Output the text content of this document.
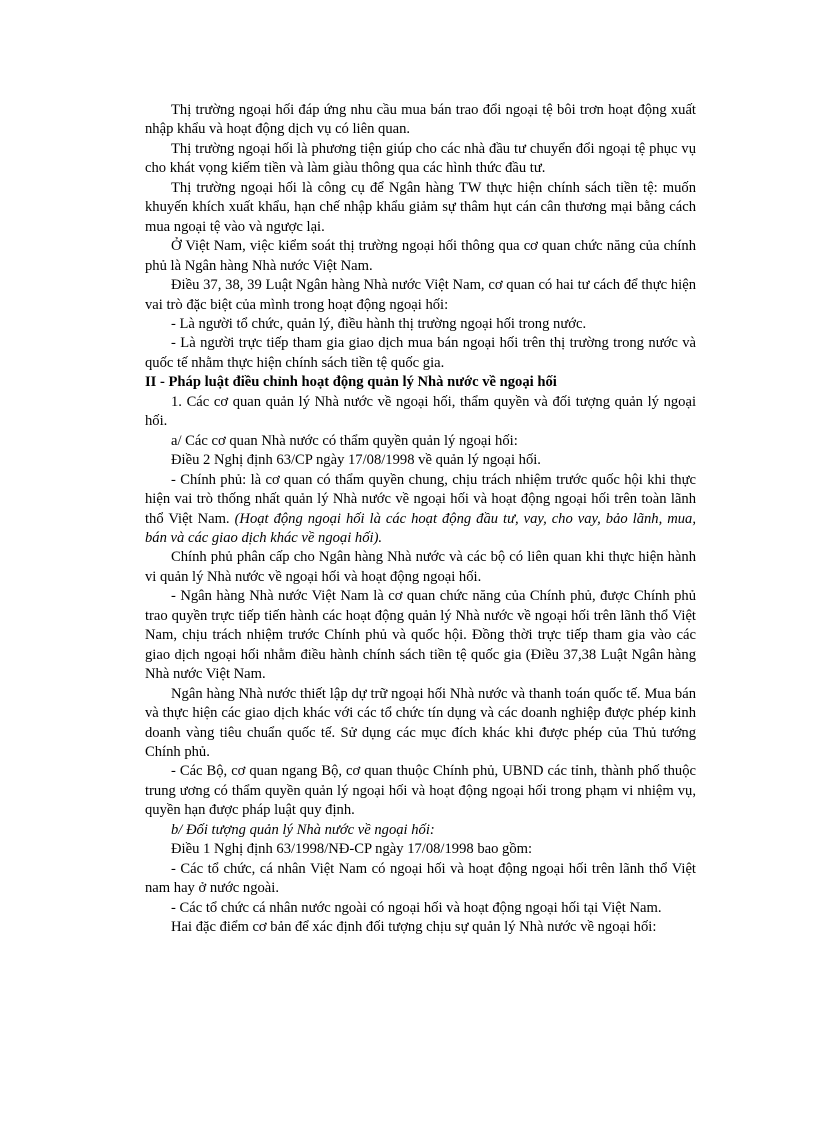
Thị trường ngoại hối đáp ứng nhu cầu mua bán trao đổi ngoại tệ bôi trơn hoạt động xuất nhập khẩu và hoạt động dịch vụ có liên quan.

Thị trường ngoại hối là phương tiện giúp cho các nhà đầu tư chuyển đổi ngoại tệ phục vụ cho khát vọng kiếm tiền và làm giàu thông qua các hình thức đầu tư.

Thị trường ngoại hối là công cụ để Ngân hàng TW thực hiện chính sách tiền tệ: muốn khuyến khích xuất khẩu, hạn chế nhập khẩu giảm sự thâm hụt cán cân thương mại bằng cách mua ngoại tệ vào và ngược lại.

Ở Việt Nam, việc kiểm soát thị trường ngoại hối thông qua cơ quan chức năng của chính phủ là Ngân hàng Nhà nước Việt Nam.

Điều 37, 38, 39 Luật Ngân hàng Nhà nước Việt Nam, cơ quan có hai tư cách để thực hiện vai trò đặc biệt của mình trong hoạt động ngoại hối:

- Là người tổ chức, quản lý, điều hành thị trường ngoại hối trong nước.

- Là người trực tiếp tham gia giao dịch mua bán ngoại hối trên thị trường trong nước và quốc tế nhằm thực hiện chính sách tiền tệ quốc gia.

II - Pháp luật điều chỉnh hoạt động quản lý Nhà nước về ngoại hối

1. Các cơ quan quản lý Nhà nước về ngoại hối, thẩm quyền và đối tượng quản lý ngoại hối.

a/ Các cơ quan Nhà nước có thẩm quyền quản lý ngoại hối:

Điều 2 Nghị định 63/CP ngày 17/08/1998 về quản lý ngoại hối.

- Chính phủ: là cơ quan có thẩm quyền chung, chịu trách nhiệm trước quốc hội khi thực hiện vai trò thống nhất quản lý Nhà nước về ngoại hối và hoạt động ngoại hối trên toàn lãnh thổ Việt Nam. (Hoạt động ngoại hối là các hoạt động đầu tư, vay, cho vay, bảo lãnh, mua, bán và các giao dịch khác về ngoại hối).

Chính phủ phân cấp cho Ngân hàng Nhà nước và các bộ có liên quan khi thực hiện hành vi quản lý Nhà nước về ngoại hối và hoạt động ngoại hối.

- Ngân hàng Nhà nước Việt Nam là cơ quan chức năng của Chính phủ, được Chính phủ trao quyền trực tiếp tiến hành các hoạt động quản lý Nhà nước về ngoại hối trên lãnh thổ Việt Nam, chịu trách nhiệm trước Chính phủ và quốc hội. Đồng thời trực tiếp tham gia vào các giao dịch ngoại hối nhằm điều hành chính sách tiền tệ quốc gia (Điều 37,38 Luật Ngân hàng Nhà nước Việt Nam.

Ngân hàng Nhà nước thiết lập dự trữ ngoại hối Nhà nước và thanh toán quốc tế. Mua bán và thực hiện các giao dịch khác với các tổ chức tín dụng và các doanh nghiệp được phép kinh doanh vàng tiêu chuẩn quốc tế. Sử dụng các mục đích khác khi được phép của Thủ tướng Chính phủ.

- Các Bộ, cơ quan ngang Bộ, cơ quan thuộc Chính phủ, UBND các tỉnh, thành phố thuộc trung ương có thẩm quyền quản lý ngoại hối và hoạt động ngoại hối trong phạm vi nhiệm vụ, quyền hạn được pháp luật quy định.

b/ Đối tượng quản lý Nhà nước về ngoại hối:

Điều 1 Nghị định 63/1998/NĐ-CP ngày 17/08/1998 bao gồm:

- Các tổ chức, cá nhân Việt Nam có ngoại hối và hoạt động ngoại hối trên lãnh thổ Việt nam hay ở nước ngoài.

- Các tổ chức cá nhân nước ngoài có ngoại hối và hoạt động ngoại hối tại Việt Nam.

Hai đặc điểm cơ bản để xác định đối tượng chịu sự quản lý Nhà nước về ngoại hối:
